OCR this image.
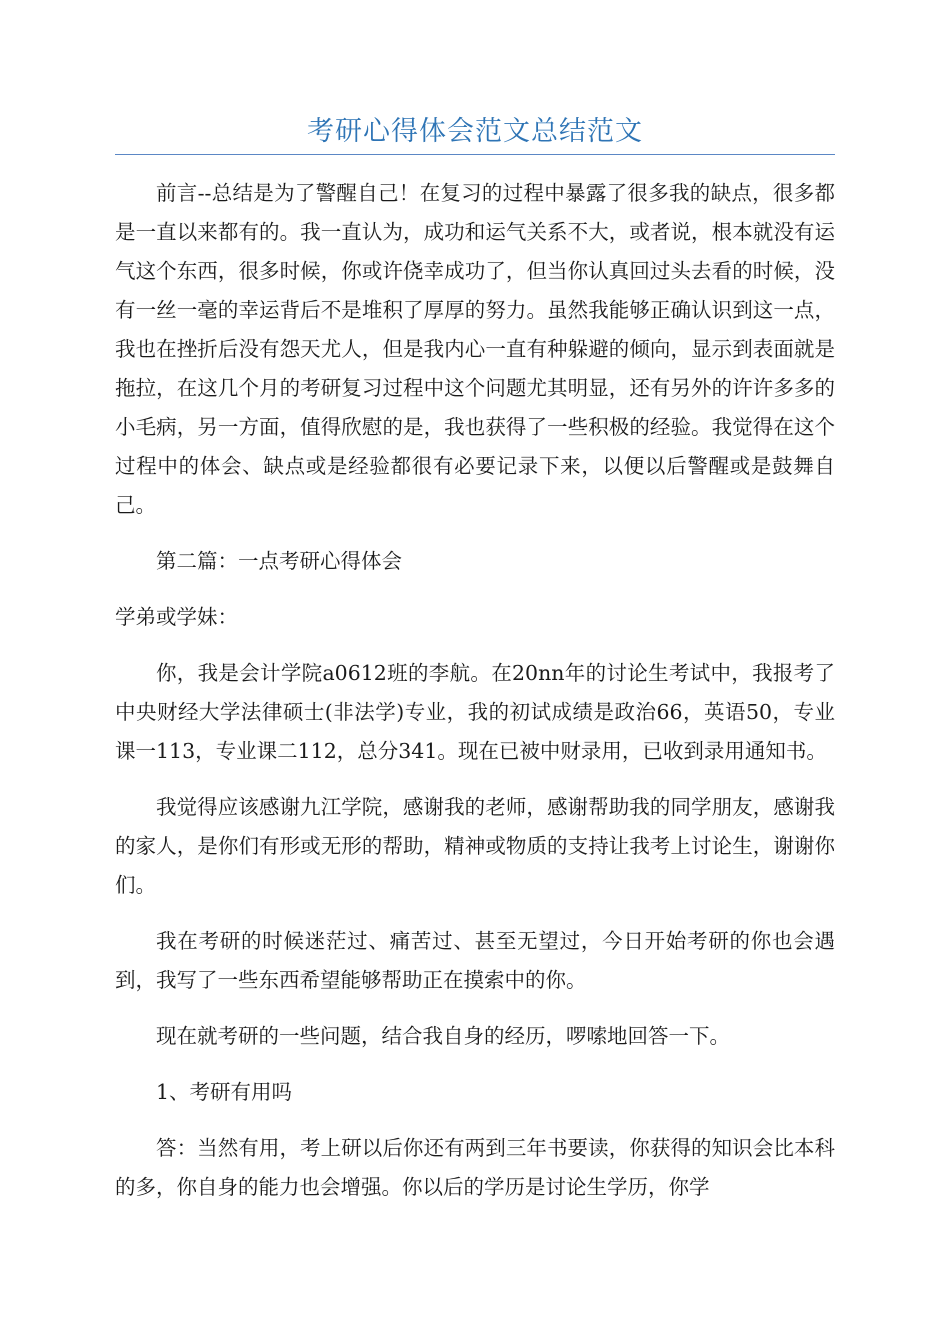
考研心得体会范文总结范文

前言--总结是为了警醒自己！在复习的过程中暴露了很多我的缺点，很多都是一直以来都有的。我一直认为，成功和运气关系不大，或者说，根本就没有运气这个东西，很多时候，你或许侥幸成功了，但当你认真回过头去看的时候，没有一丝一毫的幸运背后不是堆积了厚厚的努力。虽然我能够正确认识到这一点，我也在挫折后没有怨天尤人，但是我内心一直有种躲避的倾向，显示到表面就是拖拉，在这几个月的考研复习过程中这个问题尤其明显，还有另外的许许多多的小毛病，另一方面，值得欣慰的是，我也获得了一些积极的经验。我觉得在这个过程中的体会、缺点或是经验都很有必要记录下来，以便以后警醒或是鼓舞自己。

第二篇：一点考研心得体会

学弟或学妹：

你，我是会计学院a0612班的李航。在20nn年的讨论生考试中，我报考了中央财经大学法律硕士(非法学)专业，我的初试成绩是政治66，英语50，专业课一113，专业课二112，总分341。现在已被中财录用，已收到录用通知书。

我觉得应该感谢九江学院，感谢我的老师，感谢帮助我的同学朋友，感谢我的家人，是你们有形或无形的帮助，精神或物质的支持让我考上讨论生，谢谢你们。

我在考研的时候迷茫过、痛苦过、甚至无望过，今日开始考研的你也会遇到，我写了一些东西希望能够帮助正在摸索中的你。

现在就考研的一些问题，结合我自身的经历，啰嗦地回答一下。

1、考研有用吗

答：当然有用，考上研以后你还有两到三年书要读，你获得的知识会比本科的多，你自身的能力也会增强。你以后的学历是讨论生学历，你学
